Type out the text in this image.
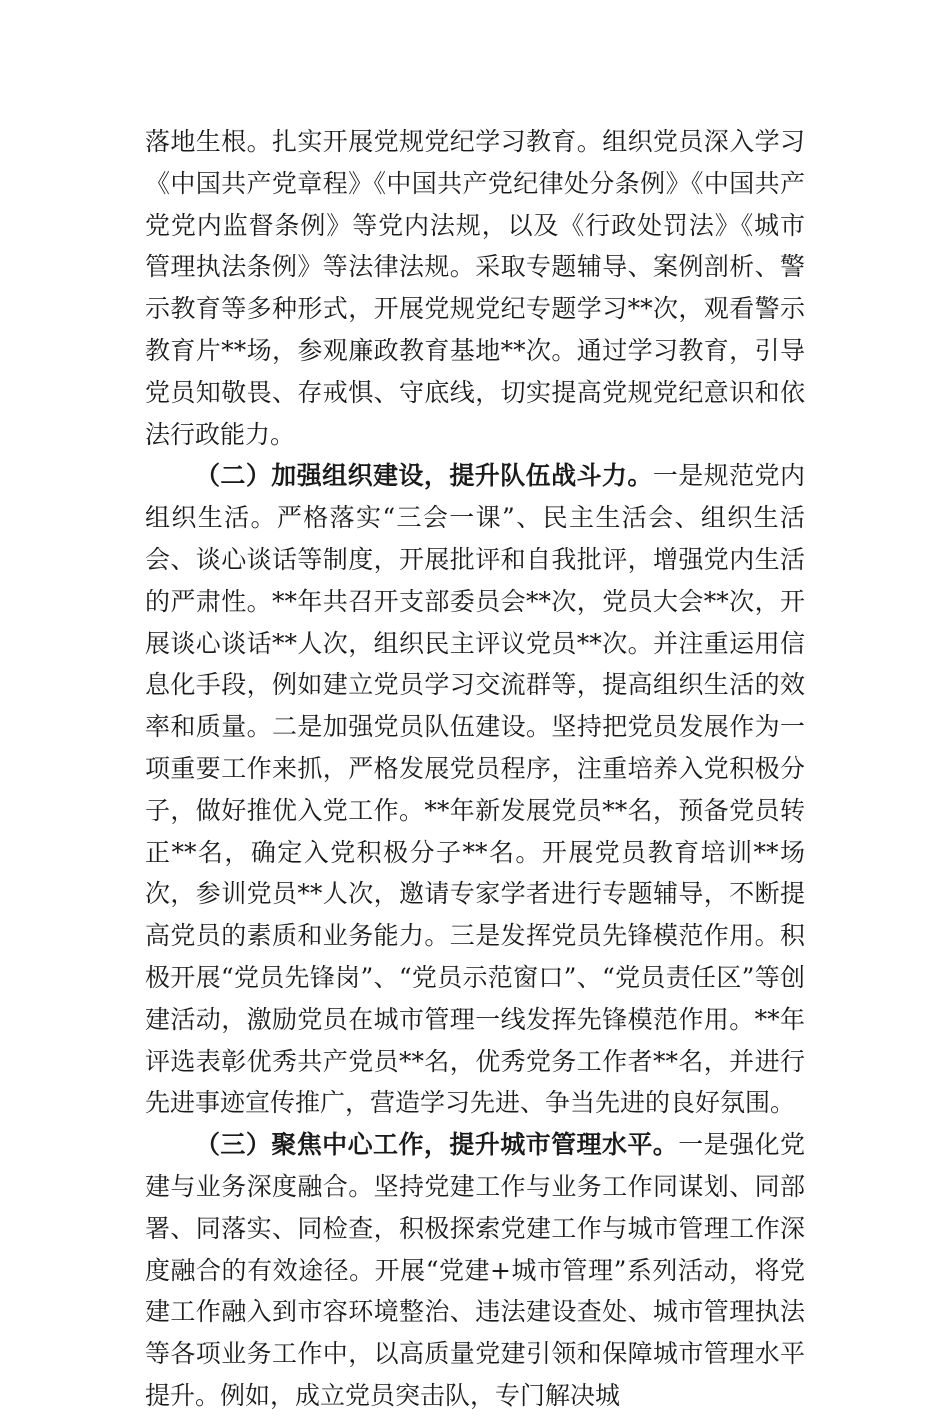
落地生根。扎实开展党规党纪学习教育。组织党员深入学习《中国共产党章程》《中国共产党纪律处分条例》《中国共产党党内监督条例》等党内法规，以及《行政处罚法》《城市管理执法条例》等法律法规。采取专题辅导、案例剖析、警示教育等多种形式，开展党规党纪专题学习**次，观看警示教育片**场，参观廉政教育基地**次。通过学习教育，引导党员知敬畏、存戒惧、守底线，切实提高党规党纪意识和依法行政能力。

（二）加强组织建设，提升队伍战斗力。一是规范党内组织生活。严格落实“三会一课”、民主生活会、组织生活会、谈心谈话等制度，开展批评和自我批评，增强党内生活的严肃性。**年共召开支部委员会**次，党员大会**次，开展谈心谈话**人次，组织民主评议党员**次。并注重运用信息化手段，例如建立党员学习交流群等，提高组织生活的效率和质量。二是加强党员队伍建设。坚持把党员发展作为一项重要工作来抓，严格发展党员程序，注重培养入党积极分子，做好推优入党工作。**年新发展党员**名，预备党员转正**名，确定入党积极分子**名。开展党员教育培训**场次，参训党员**人次，邀请专家学者进行专题辅导，不断提高党员的素质和业务能力。三是发挥党员先锋模范作用。积极开展“党员先锋岗”、“党员示范窗口”、“党员责任区”等创建活动，激励党员在城市管理一线发挥先锋模范作用。**年评选表彰优秀共产党员**名，优秀党务工作者**名，并进行先进事迹宣传推广，营造学习先进、争当先进的良好氛围。

（三）聚焦中心工作，提升城市管理水平。一是强化党建与业务深度融合。坚持党建工作与业务工作同谋划、同部署、同落实、同检查，积极探索党建工作与城市管理工作深度融合的有效途径。开展“党建+城市管理”系列活动，将党建工作融入到市容环境整治、违法建设查处、城市管理执法等各项业务工作中，以高质量党建引领和保障城市管理水平提升。例如，成立党员突击队，专门解决城
